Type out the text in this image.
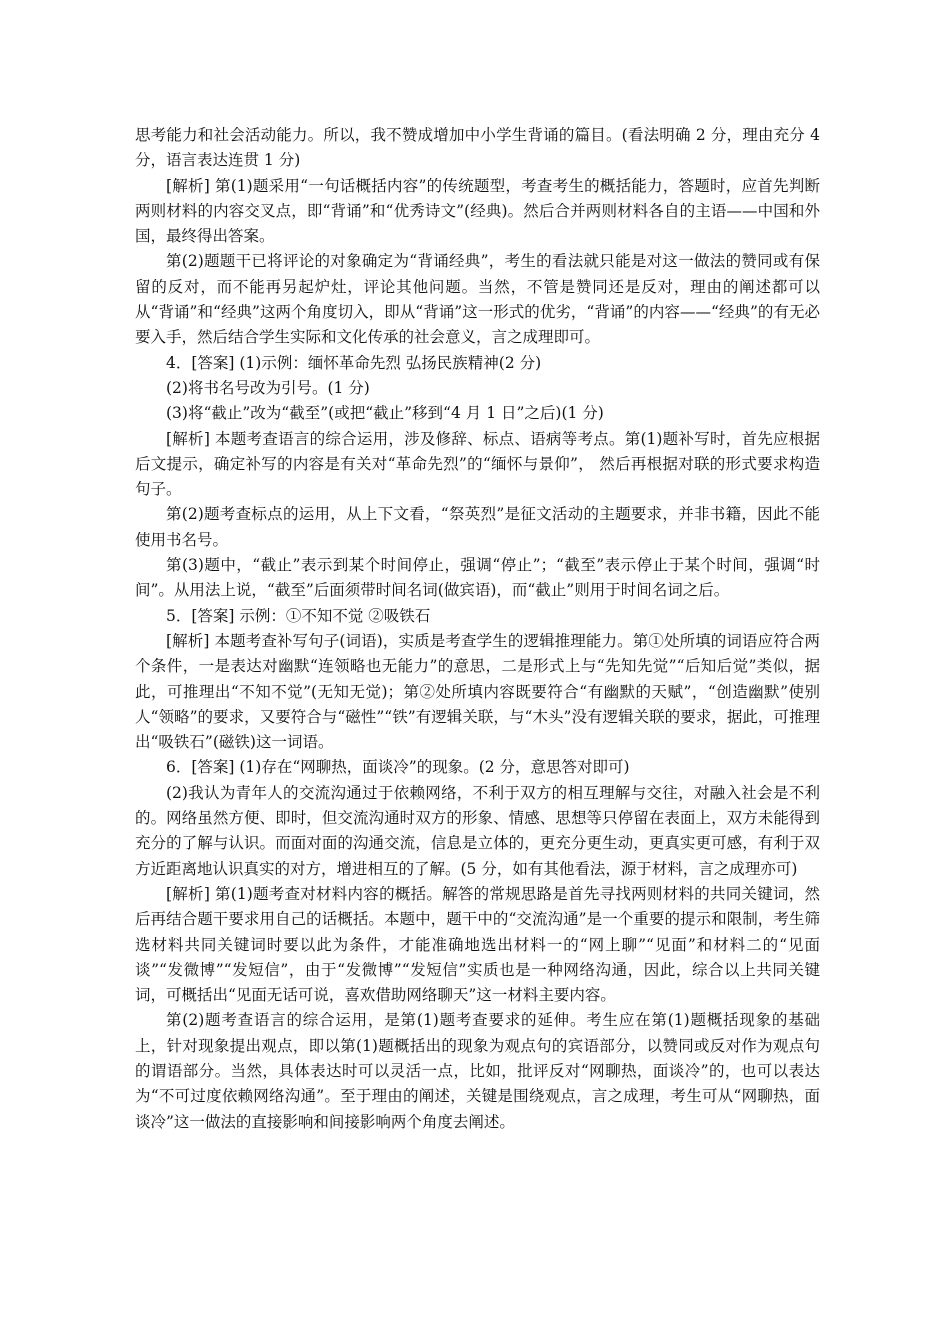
思考能力和社会活动能力。所以，我不赞成增加中小学生背诵的篇目。(看法明确 2 分，理由充分 4 分，语言表达连贯 1 分)

[解析] 第(1)题采用“一句话概括内容”的传统题型，考查考生的概括能力，答题时，应首先判断两则材料的内容交叉点，即“背诵”和“优秀诗文”(经典)。然后合并两则材料各自的主语——中国和外国，最终得出答案。

第(2)题题干已将评论的对象确定为“背诵经典”，考生的看法就只能是对这一做法的赞同或有保留的反对，而不能再另起炉灶，评论其他问题。当然，不管是赞同还是反对，理由的阐述都可以从“背诵”和“经典”这两个角度切入，即从“背诵”这一形式的优劣，“背诵”的内容——“经典”的有无必要入手，然后结合学生实际和文化传承的社会意义，言之成理即可。

4．[答案] (1)示例：缅怀革命先烈 弘扬民族精神(2 分)

(2)将书名号改为引号。(1 分)

(3)将“截止”改为“截至”(或把“截止”移到“4 月 1 日”之后)(1 分)

[解析] 本题考查语言的综合运用，涉及修辞、标点、语病等考点。第(1)题补写时，首先应根据后文提示，确定补写的内容是有关对“革命先烈”的“缅怀与景仰”， 然后再根据对联的形式要求构造句子。

第(2)题考查标点的运用，从上下文看，“祭英烈”是征文活动的主题要求，并非书籍，因此不能使用书名号。

第(3)题中，“截止”表示到某个时间停止，强调“停止”；“截至”表示停止于某个时间，强调“时间”。从用法上说，“截至”后面须带时间名词(做宾语)，而“截止”则用于时间名词之后。

5．[答案] 示例：①不知不觉 ②吸铁石

[解析] 本题考查补写句子(词语)，实质是考查学生的逻辑推理能力。第①处所填的词语应符合两个条件，一是表达对幽默“连领略也无能力”的意思，二是形式上与“先知先觉”“后知后觉”类似，据此，可推理出“不知不觉”(无知无觉)；第②处所填内容既要符合“有幽默的天赋”，“创造幽默”使别人“领略”的要求，又要符合与“磁性”“铁”有逻辑关联，与“木头”没有逻辑关联的要求，据此，可推理出“吸铁石”(磁铁)这一词语。

6．[答案] (1)存在“网聊热，面谈冷”的现象。(2 分，意思答对即可)

(2)我认为青年人的交流沟通过于依赖网络，不利于双方的相互理解与交往，对融入社会是不利的。网络虽然方便、即时，但交流沟通时双方的形象、情感、思想等只停留在表面上，双方未能得到充分的了解与认识。而面对面的沟通交流，信息是立体的，更充分更生动，更真实更可感，有利于双方近距离地认识真实的对方，增进相互的了解。(5 分，如有其他看法，源于材料，言之成理亦可)

[解析] 第(1)题考查对材料内容的概括。解答的常规思路是首先寻找两则材料的共同关键词，然后再结合题干要求用自己的话概括。本题中，题干中的“交流沟通”是一个重要的提示和限制，考生筛选材料共同关键词时要以此为条件，才能准确地选出材料一的“网上聊”“见面”和材料二的“见面谈”“发微博”“发短信”，由于“发微博”“发短信”实质也是一种网络沟通，因此，综合以上共同关键词，可概括出“见面无话可说，喜欢借助网络聊天”这一材料主要内容。

第(2)题考查语言的综合运用，是第(1)题考查要求的延伸。考生应在第(1)题概括现象的基础上，针对现象提出观点，即以第(1)题概括出的现象为观点句的宾语部分，以赞同或反对作为观点句的谓语部分。当然，具体表达时可以灵活一点，比如，批评反对“网聊热，面谈冷”的，也可以表达为“不可过度依赖网络沟通”。至于理由的阐述，关键是围绕观点，言之成理，考生可从“网聊热，面谈冷”这一做法的直接影响和间接影响两个角度去阐述。
